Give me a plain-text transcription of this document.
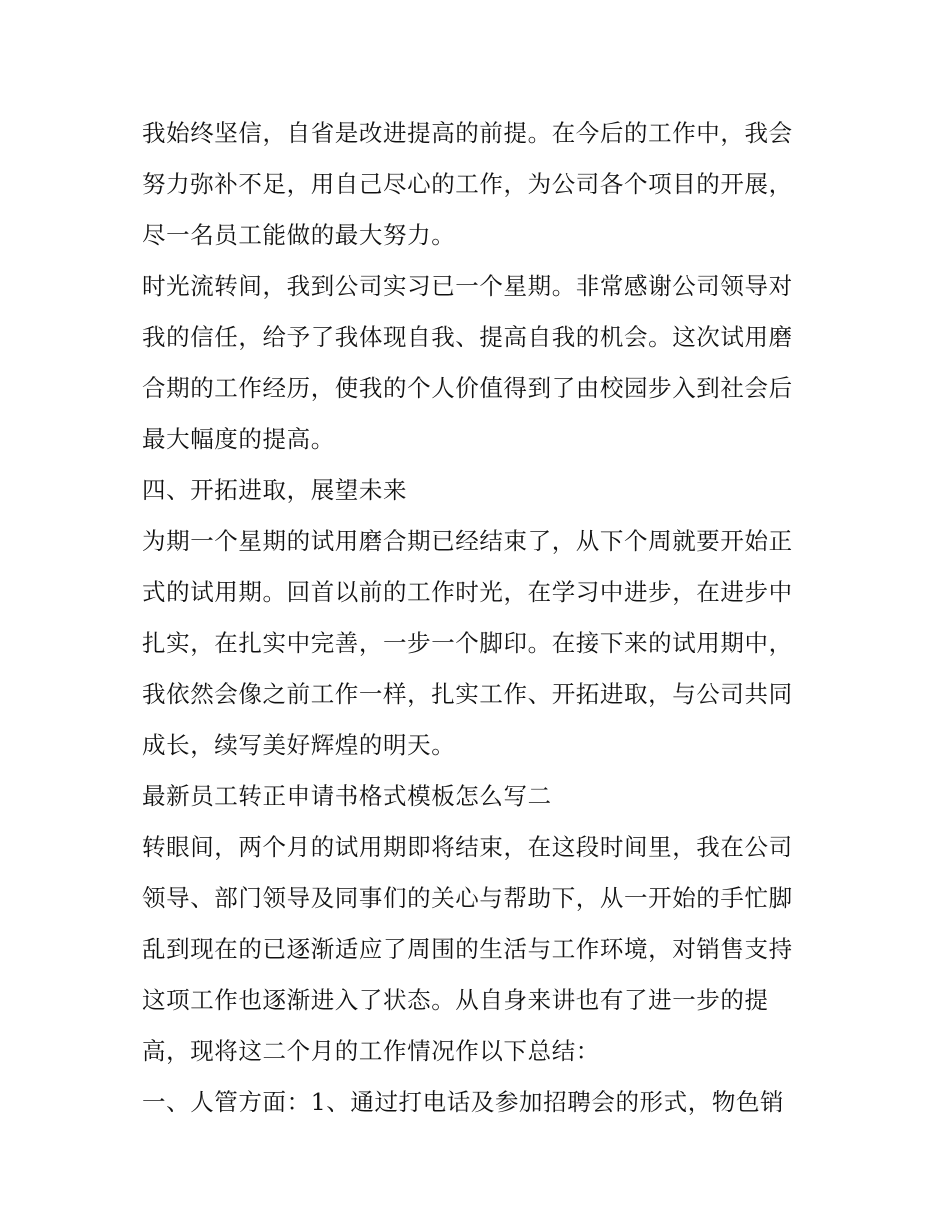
我始终坚信，自省是改进提高的前提。在今后的工作中，我会
努力弥补不足，用自己尽心的工作，为公司各个项目的开展，
尽一名员工能做的最大努力。
时光流转间，我到公司实习已一个星期。非常感谢公司领导对
我的信任，给予了我体现自我、提高自我的机会。这次试用磨
合期的工作经历，使我的个人价值得到了由校园步入到社会后
最大幅度的提高。
四、开拓进取，展望未来
为期一个星期的试用磨合期已经结束了，从下个周就要开始正
式的试用期。回首以前的工作时光，在学习中进步，在进步中
扎实，在扎实中完善，一步一个脚印。在接下来的试用期中，
我依然会像之前工作一样，扎实工作、开拓进取，与公司共同
成长，续写美好辉煌的明天。
最新员工转正申请书格式模板怎么写二
转眼间，两个月的试用期即将结束，在这段时间里，我在公司
领导、部门领导及同事们的关心与帮助下，从一开始的手忙脚
乱到现在的已逐渐适应了周围的生活与工作环境，对销售支持
这项工作也逐渐进入了状态。从自身来讲也有了进一步的提
高，现将这二个月的工作情况作以下总结：
一、人管方面：1、通过打电话及参加招聘会的形式，物色销
